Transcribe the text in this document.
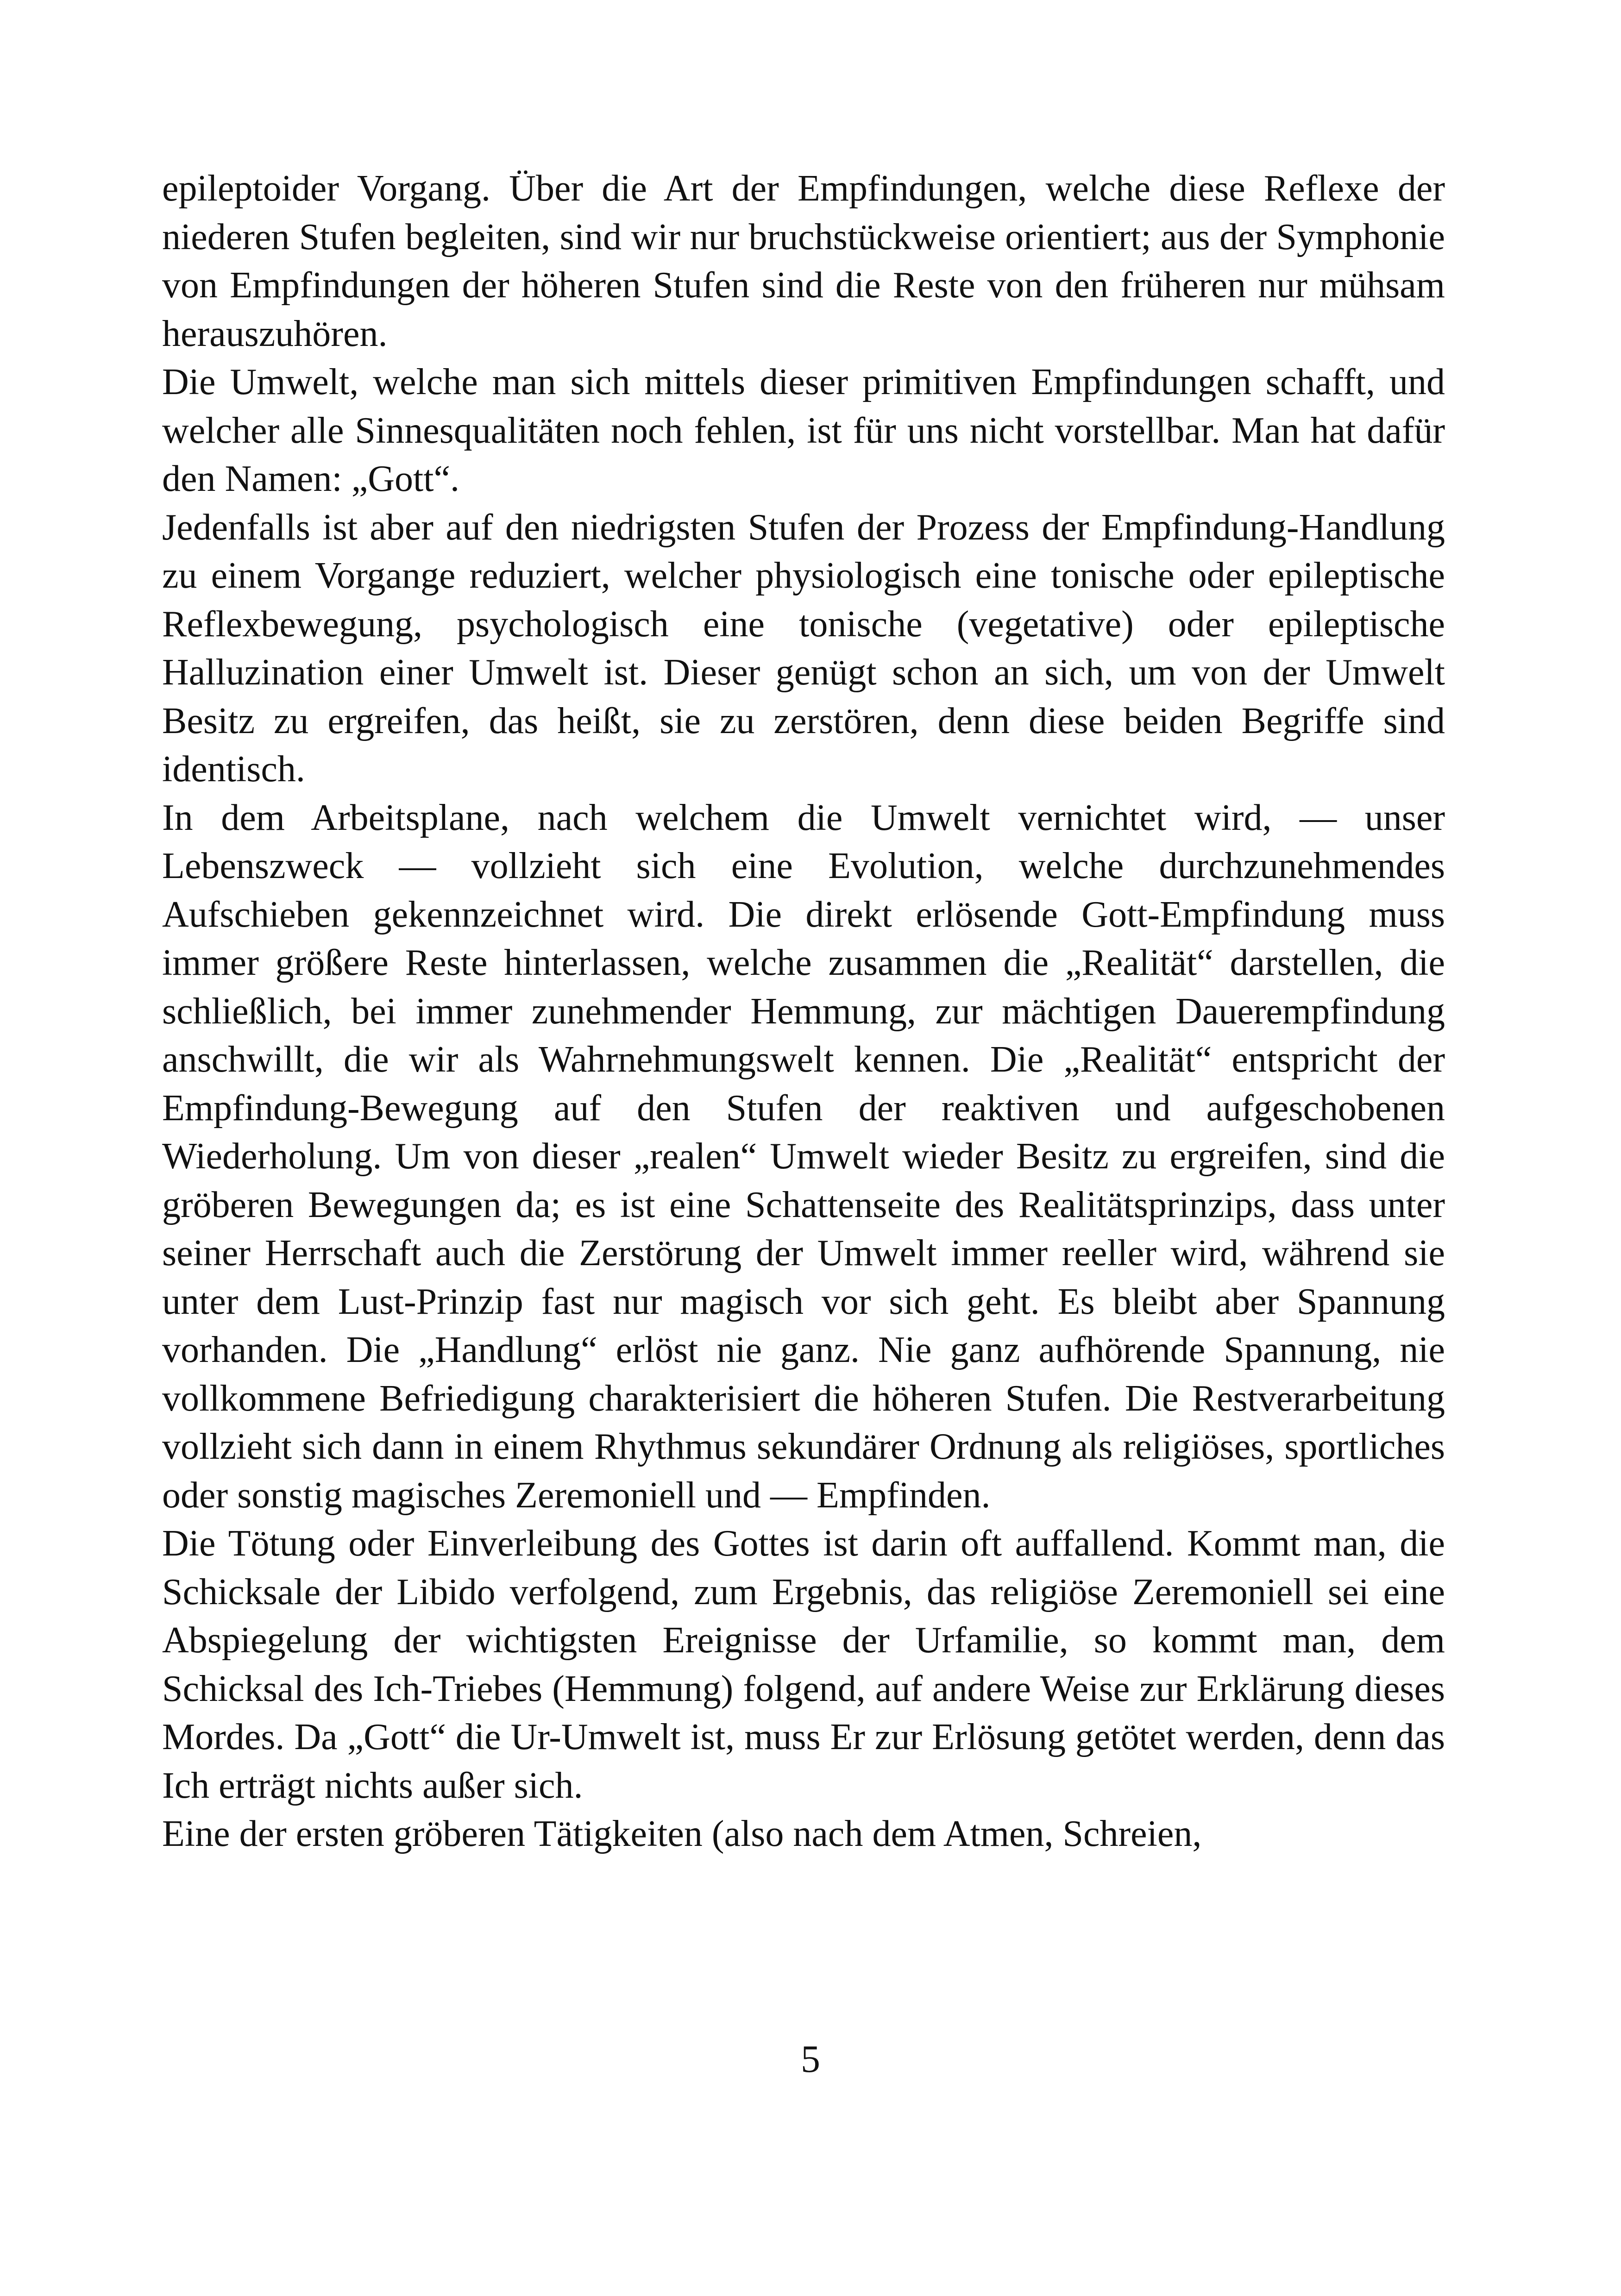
epileptoider Vorgang. Über die Art der Empfindungen, welche diese Reflexe der niederen Stufen begleiten, sind wir nur bruchstückweise orientiert; aus der Symphonie von Empfindungen der höheren Stufen sind die Reste von den früheren nur mühsam herauszuhören.

Die Umwelt, welche man sich mittels dieser primitiven Empfindungen schafft, und welcher alle Sinnesqualitäten noch fehlen, ist für uns nicht vorstellbar. Man hat dafür den Namen: „Gott“.

Jedenfalls ist aber auf den niedrigsten Stufen der Prozess der Empfindung-Handlung zu einem Vorgange reduziert, welcher physiologisch eine tonische oder epileptische Reflexbewegung, psychologisch eine tonische (vegetative) oder epileptische Halluzination einer Umwelt ist. Dieser genügt schon an sich, um von der Umwelt Besitz zu ergreifen, das heißt, sie zu zerstören, denn diese beiden Begriffe sind identisch.

In dem Arbeitsplane, nach welchem die Umwelt vernichtet wird, — unser Lebenszweck — vollzieht sich eine Evolution, welche durchzunehmendes Aufschieben gekennzeichnet wird. Die direkt erlösende Gott-Empfindung muss immer größere Reste hinterlassen, welche zusammen die „Realität“ darstellen, die schließlich, bei immer zunehmender Hemmung, zur mächtigen Dauerempfindung anschwillt, die wir als Wahrnehmungswelt kennen. Die „Realität“ entspricht der Empfindung-Bewegung auf den Stufen der reaktiven und aufgeschobenen Wiederholung. Um von dieser „realen“ Umwelt wieder Besitz zu ergreifen, sind die gröberen Bewegungen da; es ist eine Schattenseite des Realitätsprinzips, dass unter seiner Herrschaft auch die Zerstörung der Umwelt immer reeller wird, während sie unter dem Lust-Prinzip fast nur magisch vor sich geht. Es bleibt aber Spannung vorhanden. Die „Handlung“ erlöst nie ganz. Nie ganz aufhörende Spannung, nie vollkommene Befriedigung charakterisiert die höheren Stufen. Die Restverarbeitung vollzieht sich dann in einem Rhythmus sekundärer Ordnung als religiöses, sportliches oder sonstig magisches Zeremoniell und — Empfinden.

Die Tötung oder Einverleibung des Gottes ist darin oft auffallend. Kommt man, die Schicksale der Libido verfolgend, zum Ergebnis, das religiöse Zeremoniell sei eine Abspiegelung der wichtigsten Ereignisse der Urfamilie, so kommt man, dem Schicksal des Ich-Triebes (Hemmung) folgend, auf andere Weise zur Erklärung dieses Mordes. Da „Gott“ die Ur-Umwelt ist, muss Er zur Erlösung getötet werden, denn das Ich erträgt nichts außer sich.

Eine der ersten gröberen Tätigkeiten (also nach dem Atmen, Schreien,

5
